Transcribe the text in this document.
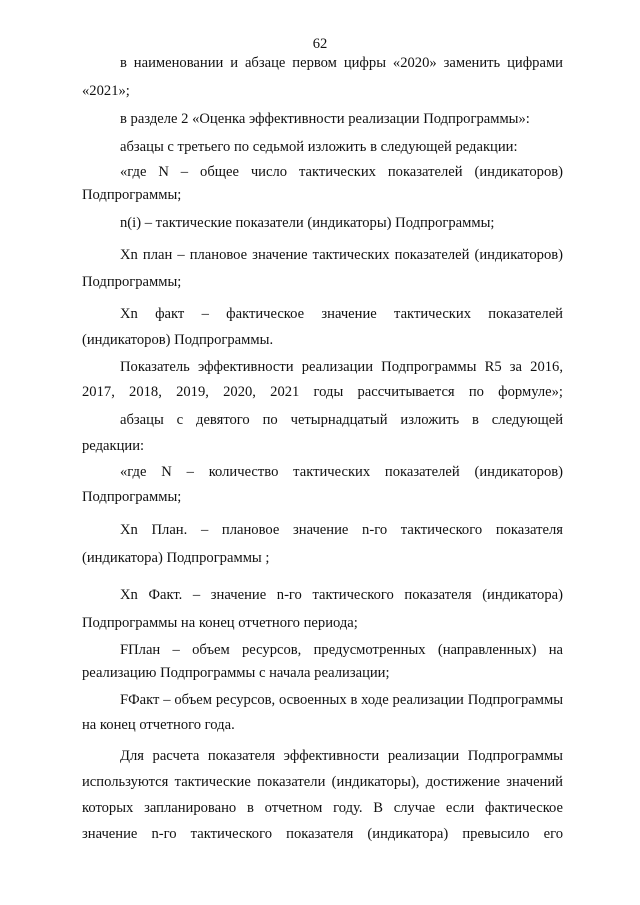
62
в наименовании и абзаце первом цифры «2020» заменить цифрами
«2021»;
в разделе 2 «Оценка эффективности реализации Подпрограммы»:
абзацы с третьего по седьмой изложить в следующей редакции:
«где N – общее число тактических показателей (индикаторов)
Подпрограммы;
n(i) – тактические показатели (индикаторы) Подпрограммы;
Xn план – плановое значение тактических показателей (индикаторов)
Подпрограммы;
Xn факт – фактическое значение тактических показателей
(индикаторов) Подпрограммы.
Показатель эффективности реализации Подпрограммы R5 за 2016,
2017, 2018, 2019, 2020, 2021 годы рассчитывается по формуле»;
абзацы с девятого по четырнадцатый изложить в следующей
редакции:
«где N – количество тактических показателей (индикаторов)
Подпрограммы;
Xn План. – плановое значение n-го тактического показателя
(индикатора) Подпрограммы ;
Xn Факт. – значение n-го тактического показателя (индикатора)
Подпрограммы на конец отчетного периода;
FПлан – объем ресурсов, предусмотренных (направленных) на
реализацию Подпрограммы с начала реализации;
FФакт – объем ресурсов, освоенных в ходе реализации Подпрограммы
на конец отчетного года.
Для расчета показателя эффективности реализации Подпрограммы
используются тактические показатели (индикаторы), достижение значений
которых запланировано в отчетном году. В случае если фактическое
значение n-го тактического показателя (индикатора) превысило его
